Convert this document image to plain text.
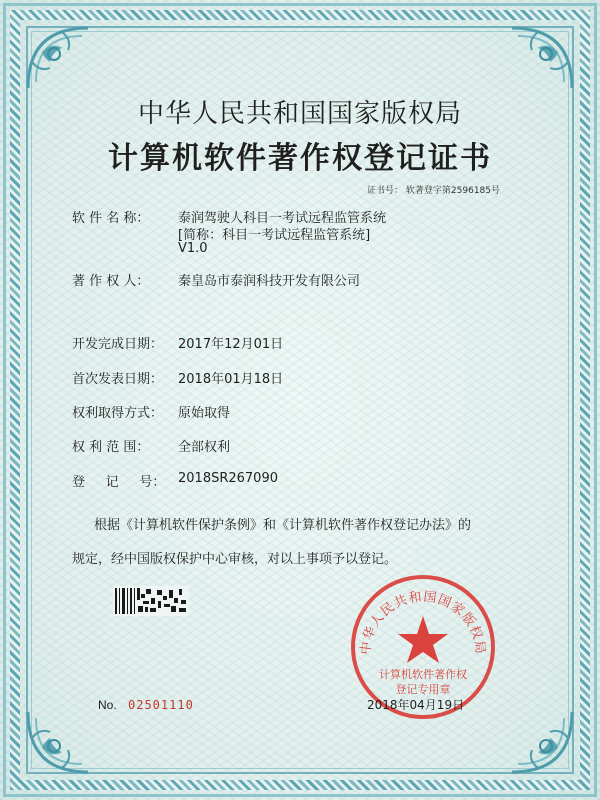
中华人民共和国国家版权局
计算机软件著作权登记证书
证书号： 软著登字第2596185号
软 件 名 称： 泰润驾驶人科目一考试远程监管系统
[简称：科目一考试远程监管系统]
V1.0
著 作 权 人： 秦皇岛市泰润科技开发有限公司
开发完成日期： 2017年12月01日
首次发表日期： 2018年01月18日
权利取得方式： 原始取得
权 利 范 围： 全部权利
登     记     号： 2018SR267090
根据《计算机软件保护条例》和《计算机软件著作权登记办法》的
规定，经中国版权保护中心审核，对以上事项予以登记。
中华人民共和国国家版权局
计算机软件著作权
登记专用章
No. 02501110	2018年04月19日
